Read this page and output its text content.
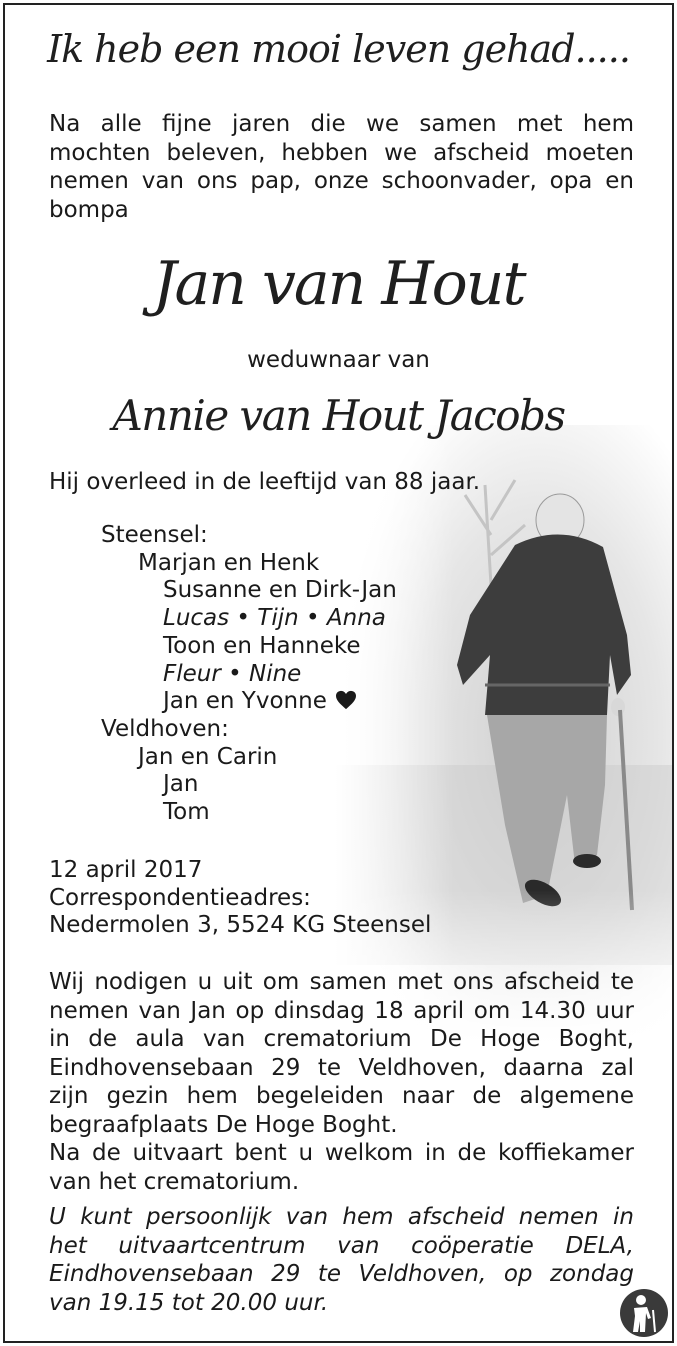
Ik heb een mooi leven gehad.....
Na alle fijne jaren die we samen met hem
mochten beleven, hebben we afscheid moeten
nemen van ons pap, onze schoonvader, opa en
bompa
Jan van Hout
weduwnaar van
Annie van Hout Jacobs
Hij overleed in de leeftijd van 88 jaar.
Steensel:
Marjan en Henk
Susanne en Dirk-Jan
Lucas • Tijn • Anna
Toon en Hanneke
Fleur • Nine
Jan en Yvonne
Veldhoven:
Jan en Carin
Jan
Tom
12 april 2017
Correspondentieadres:
Nedermolen 3, 5524 KG Steensel
Wij nodigen u uit om samen met ons afscheid te
nemen van Jan op dinsdag 18 april om 14.30 uur
in de aula van crematorium De Hoge Boght,
Eindhovensebaan 29 te Veldhoven, daarna zal
zijn gezin hem begeleiden naar de algemene
begraafplaats De Hoge Boght.
Na de uitvaart bent u welkom in de koffiekamer
van het crematorium.
U kunt persoonlijk van hem afscheid nemen in
het uitvaartcentrum van coöperatie DELA,
Eindhovensebaan 29 te Veldhoven, op zondag
van 19.15 tot 20.00 uur.
